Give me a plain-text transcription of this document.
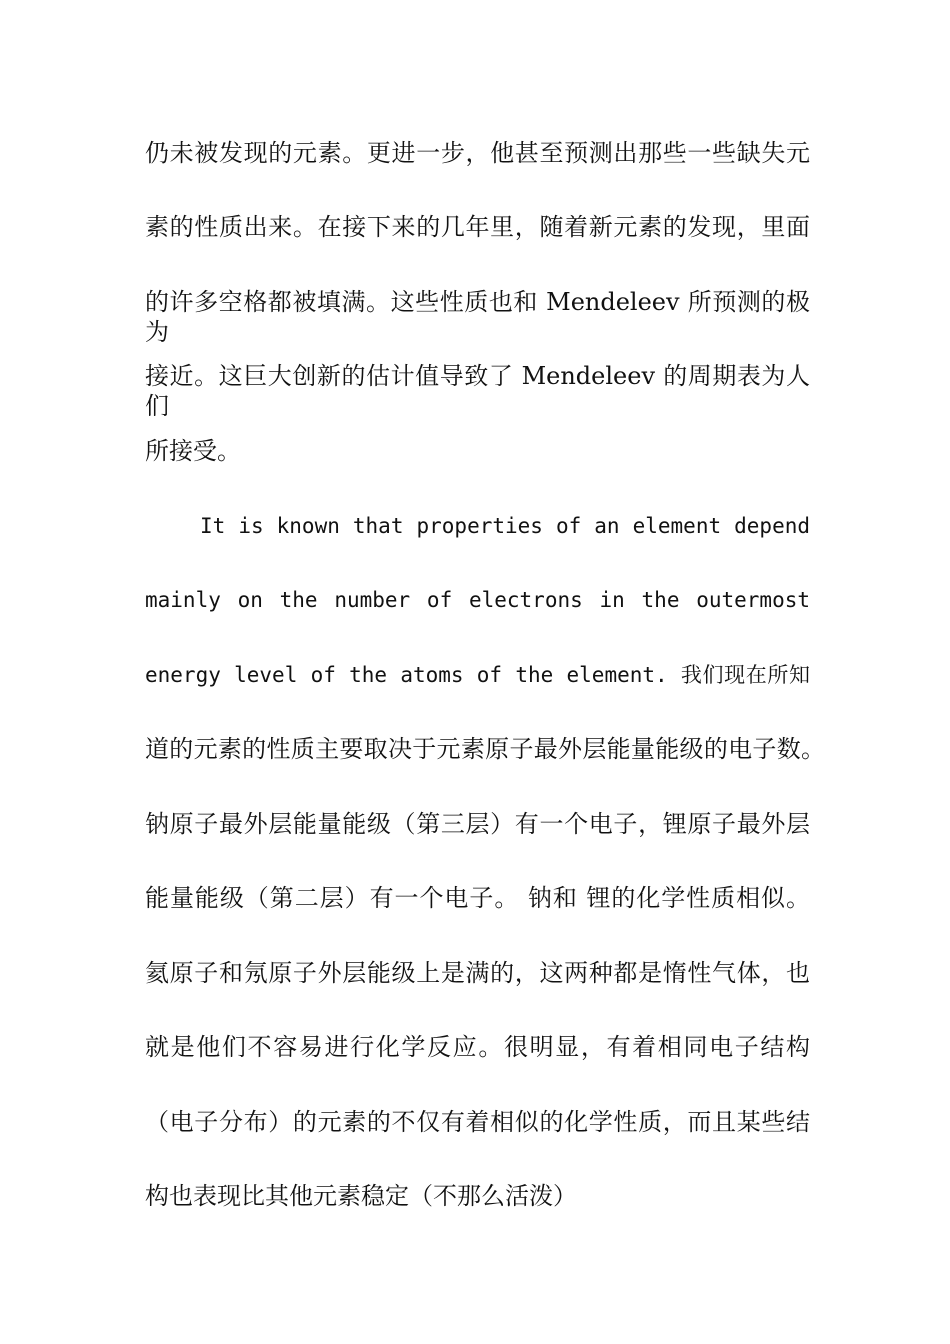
仍未被发现的元素。更进一步，他甚至预测出那些一些缺失元
素的性质出来。在接下来的几年里，随着新元素的发现，里面
的许多空格都被填满。这些性质也和 Mendeleev 所预测的极为
接近。这巨大创新的估计值导致了 Mendeleev 的周期表为人们
所接受。
It is known that properties of an element depend
mainly on the number of electrons in the outermost
energy level of the atoms of the element. 我们现在所知
道的元素的性质主要取决于元素原子最外层能量能级的电子数。
钠原子最外层能量能级（第三层）有一个电子，锂原子最外层
能量能级（第二层）有一个电子。 钠和 锂的化学性质相似。
氦原子和氖原子外层能级上是满的，这两种都是惰性气体，也
就是他们不容易进行化学反应。很明显，有着相同电子结构
（电子分布）的元素的不仅有着相似的化学性质，而且某些结
构也表现比其他元素稳定（不那么活泼）
